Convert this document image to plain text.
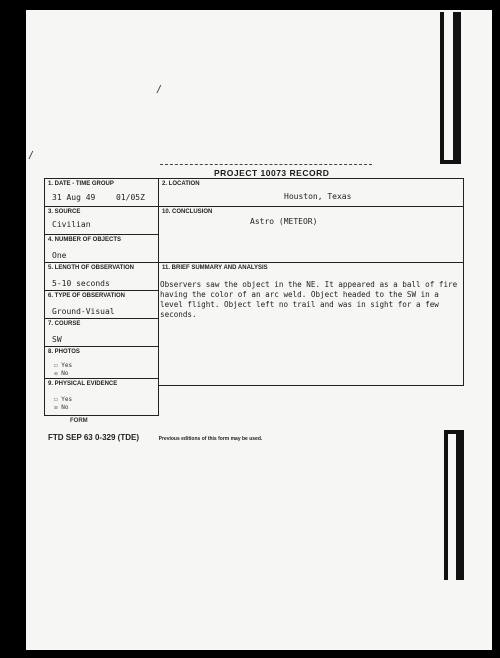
/
/
PROJECT 10073 RECORD
1. DATE - TIME GROUP
31 Aug 49	01/05Z
2. LOCATION
Houston, Texas
3. SOURCE
Civilian
10. CONCLUSION
Astro (METEOR)
4. NUMBER OF OBJECTS
One
5. LENGTH OF OBSERVATION
5-10 seconds
11. BRIEF SUMMARY AND ANALYSIS
6. TYPE OF OBSERVATION
Ground-Visual
7. COURSE
SW
8. PHOTOS
☐ Yes
☒ No
9. PHYSICAL EVIDENCE
☐ Yes
☒ No
Observers saw the object in the NE. It appeared as a ball of fire having the color of an arc weld. Object headed to the SW in a level flight. Object left no trail and was in sight for a few seconds.
FORM
FTD SEP 63 0-329 (TDE)	Previous editions of this form may be used.
